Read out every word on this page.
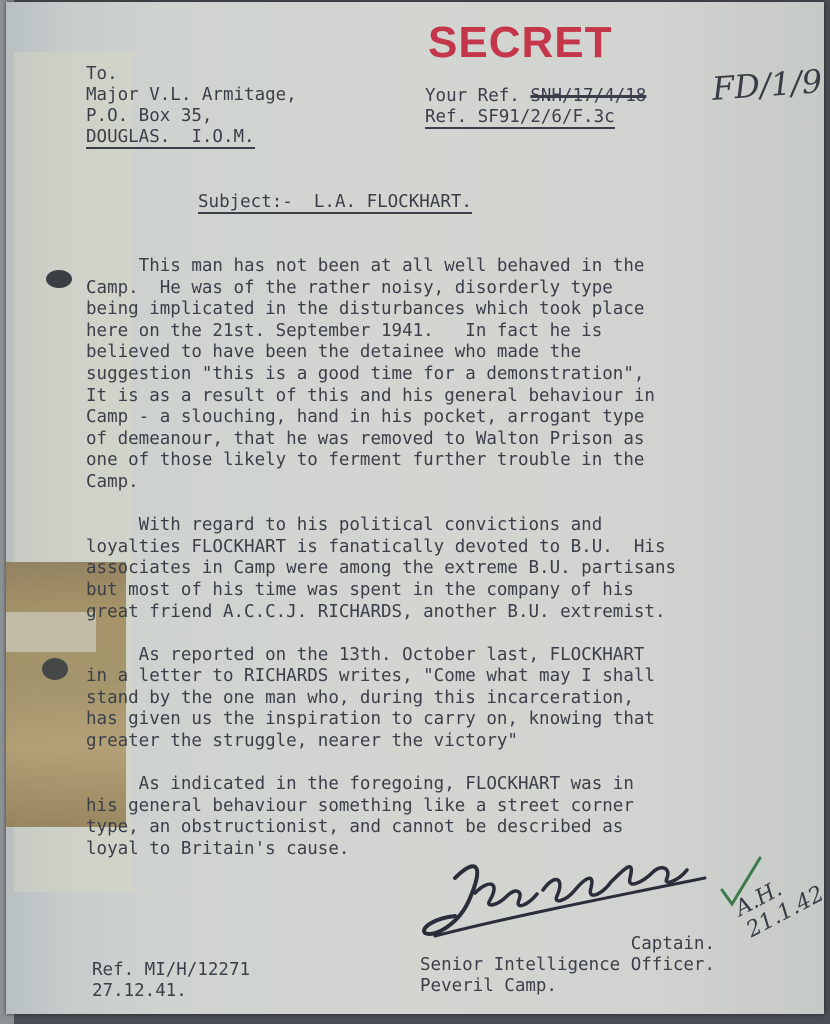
SECRET
To.
Major V.L. Armitage,
P.O. Box 35,
DOUGLAS.  I.O.M.
Your Ref. SNH/17/4/18
Ref. SF91/2/6/F.3c
FD/1/9
Subject:-  L.A. FLOCKHART.
This man has not been at all well behaved in the
Camp.  He was of the rather noisy, disorderly type
being implicated in the disturbances which took place
here on the 21st. September 1941.   In fact he is
believed to have been the detainee who made the
suggestion "this is a good time for a demonstration",
It is as a result of this and his general behaviour in
Camp - a slouching, hand in his pocket, arrogant type
of demeanour, that he was removed to Walton Prison as
one of those likely to ferment further trouble in the
Camp.

With regard to his political convictions and
loyalties FLOCKHART is fanatically devoted to B.U.  His
associates in Camp were among the extreme B.U. partisans
but most of his time was spent in the company of his
great friend A.C.C.J. RICHARDS, another B.U. extremist.

As reported on the 13th. October last, FLOCKHART
in a letter to RICHARDS writes, "Come what may I shall
stand by the one man who, during this incarceration,
has given us the inspiration to carry on, knowing that
greater the struggle, nearer the victory"

As indicated in the foregoing, FLOCKHART was in
his general behaviour something like a street corner
type, an obstructionist, and cannot be described as
loyal to Britain's cause.
A.H.
21.1.42
Ref. MI/H/12271
27.12.41.
Captain.
Senior Intelligence Officer.
Peveril Camp.
